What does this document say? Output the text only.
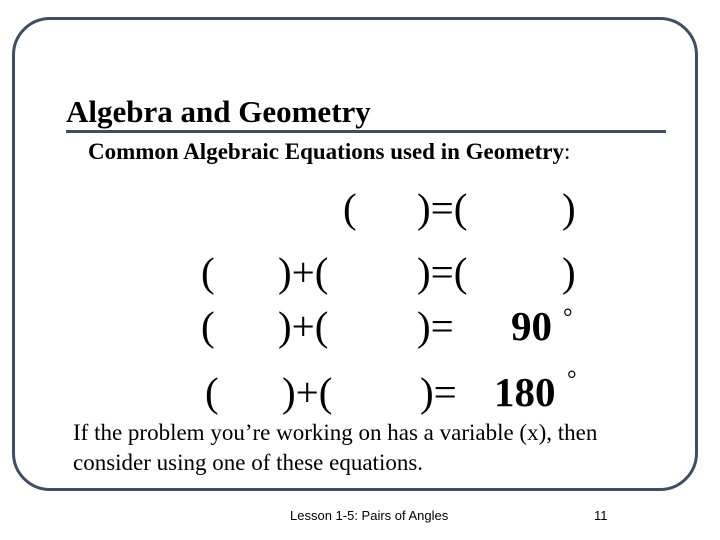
Algebra and Geometry
Common Algebraic Equations used in Geometry:
( )=( )
( )+( )=( )
( )+( )= 90 °
( )+( )= 180 °
If the problem you’re working on has a variable (x), then consider using one of these equations.
Lesson 1-5: Pairs of Angles	11
